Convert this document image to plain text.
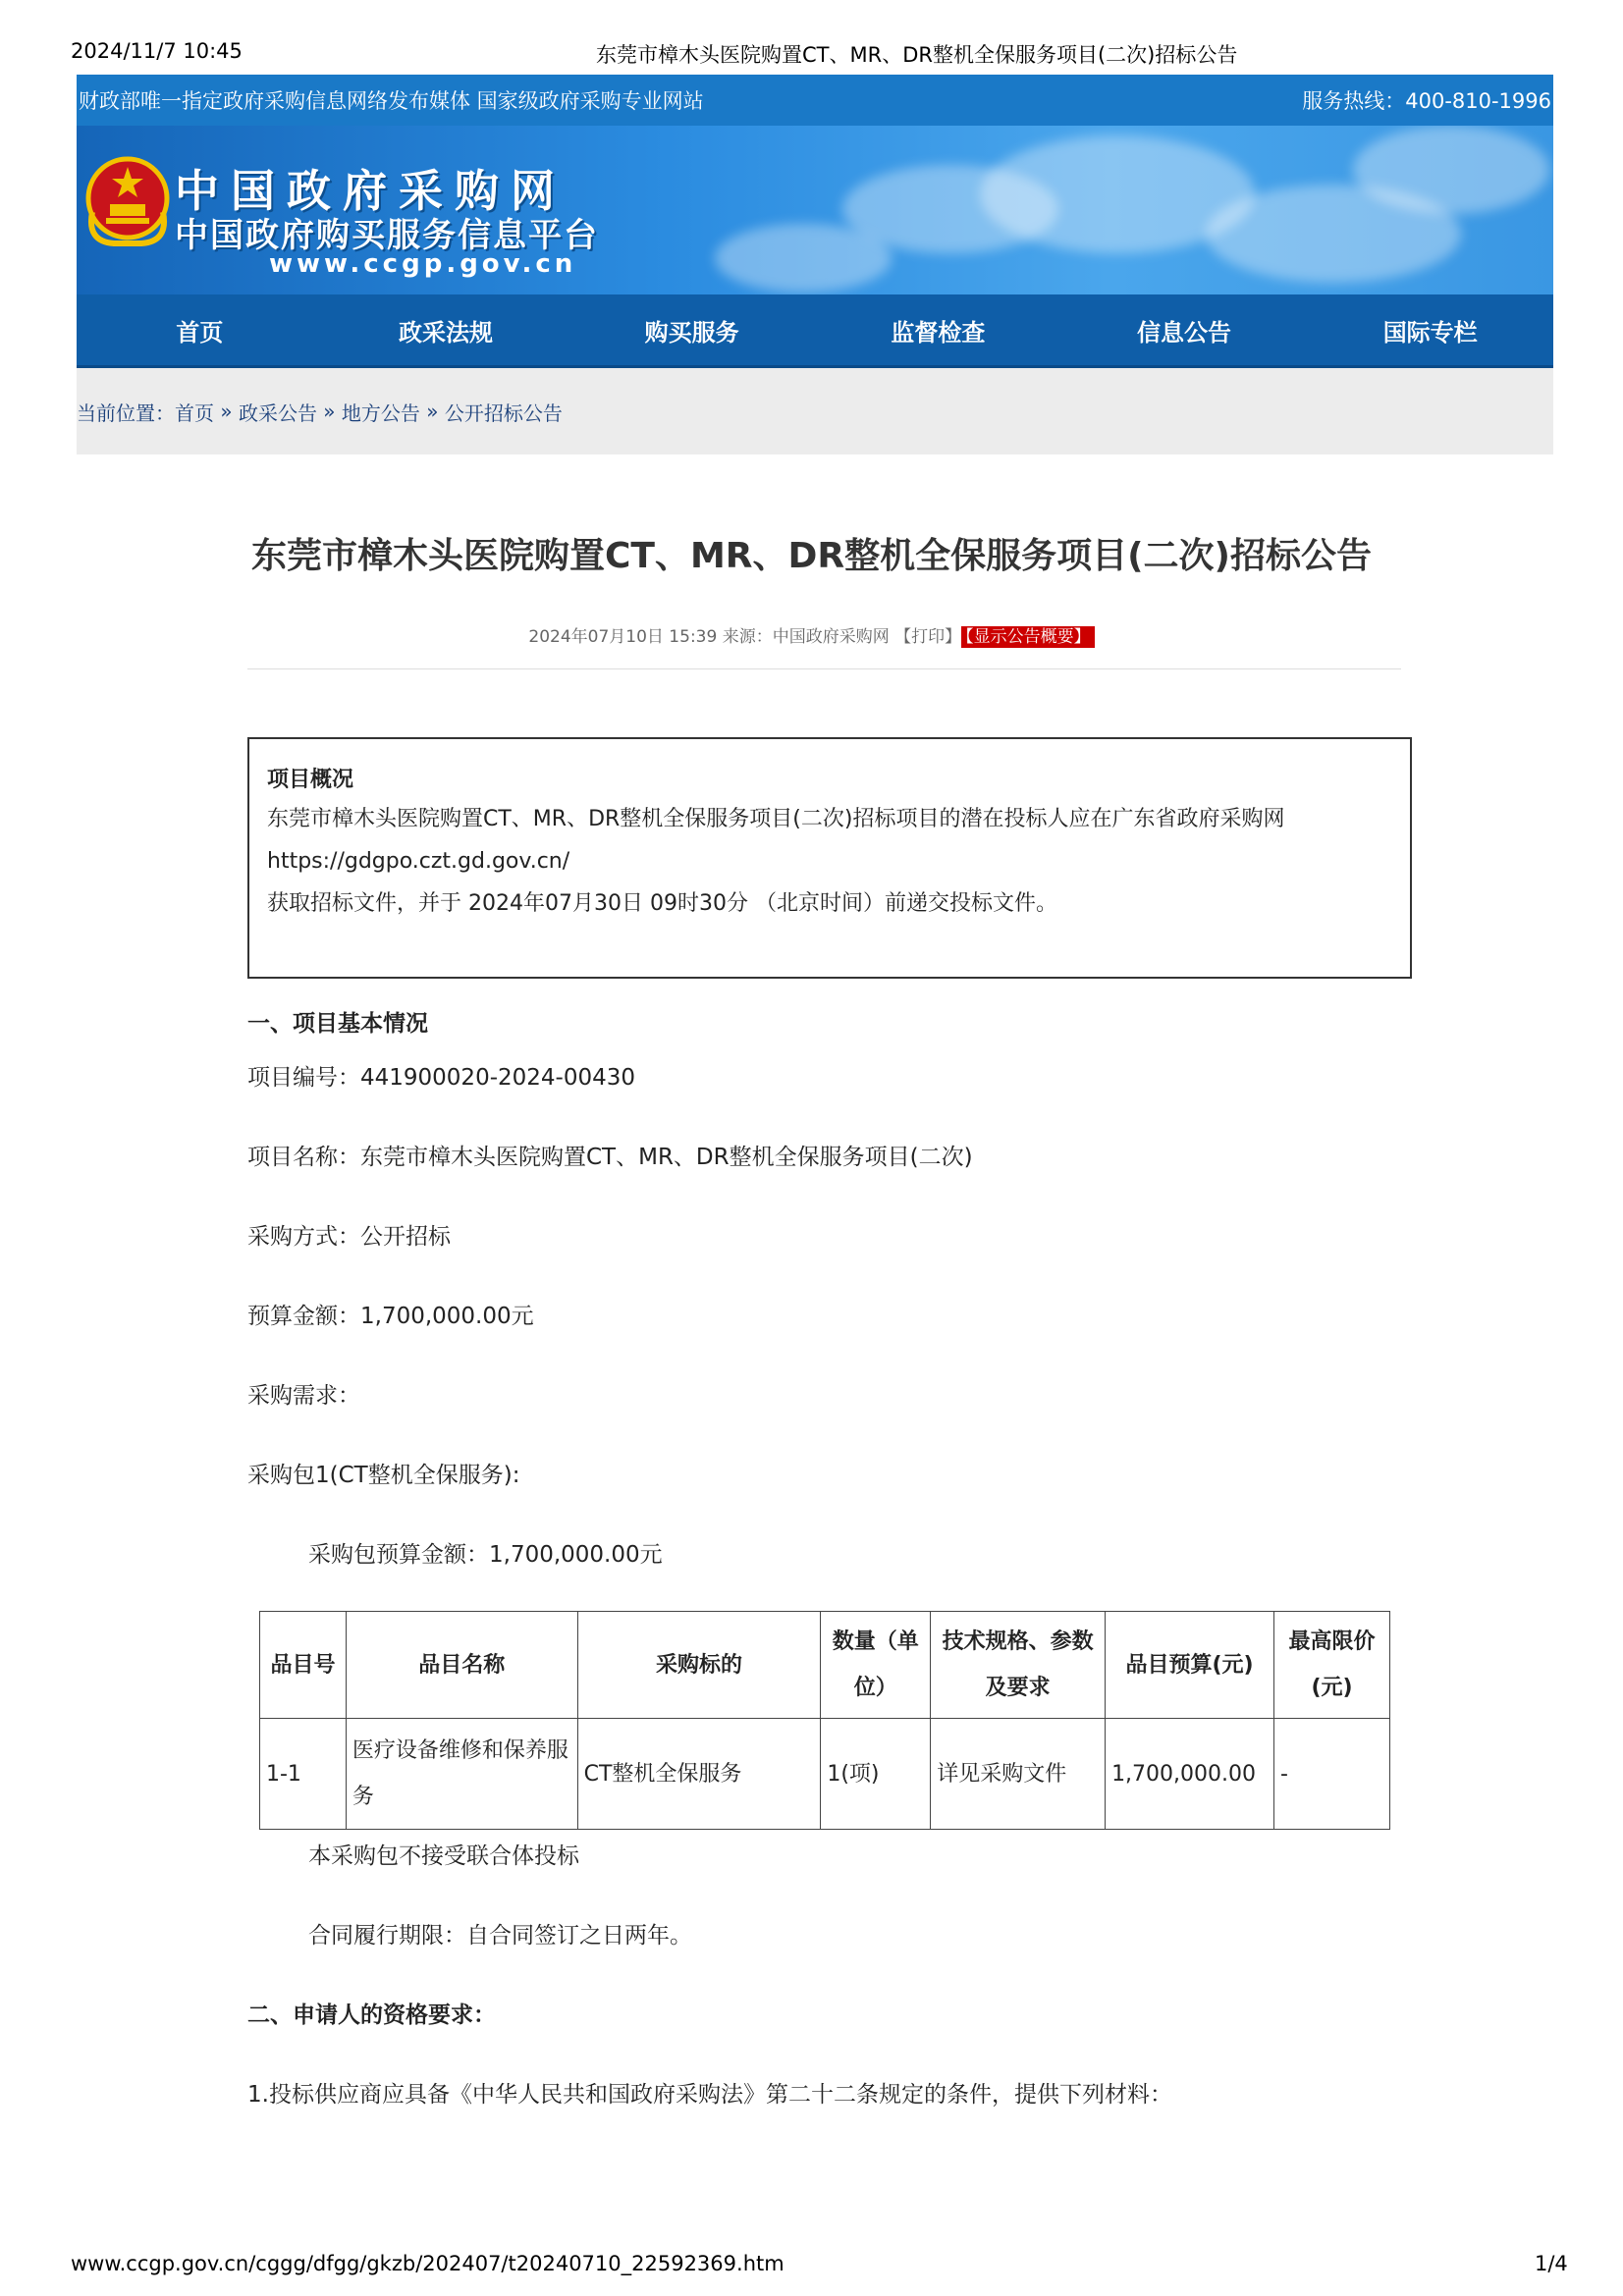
2024/11/7 10:45	东莞市樟木头医院购置CT、MR、DR整机全保服务项目(二次)招标公告
财政部唯一指定政府采购信息网络发布媒体 国家级政府采购专业网站	服务热线：400-810-1996
中国政府采购网
中国政府购买服务信息平台
www.ccgp.gov.cn
首页	政采法规	购买服务	监督检查	信息公告	国际专栏
当前位置： 首页 » 政采公告 » 地方公告 » 公开招标公告
东莞市樟木头医院购置CT、MR、DR整机全保服务项目(二次)招标公告
2024年07月10日 15:39 来源：中国政府采购网 【打印】 【显示公告概要】
项目概况
东莞市樟木头医院购置CT、MR、DR整机全保服务项目(二次)招标项目的潜在投标人应在广东省政府采购网
https://gdgpo.czt.gd.gov.cn/
获取招标文件，并于 2024年07月30日 09时30分 （北京时间）前递交投标文件。
一、项目基本情况
项目编号：441900020-2024-00430
项目名称：东莞市樟木头医院购置CT、MR、DR整机全保服务项目(二次)
采购方式：公开招标
预算金额：1,700,000.00元
采购需求：
采购包1(CT整机全保服务):
采购包预算金额：1,700,000.00元
本采购包不接受联合体投标
合同履行期限：自合同签订之日两年。
二、申请人的资格要求：
1.投标供应商应具备《中华人民共和国政府采购法》第二十二条规定的条件，提供下列材料：
品目号	品目名称	采购标的	数量（单位）	技术规格、参数及要求	品目预算(元)	最高限价(元)
1-1	医疗设备维修和保养服务	CT整机全保服务	1(项)	详见采购文件	1,700,000.00	-
www.ccgp.gov.cn/cggg/dfgg/gkzb/202407/t20240710_22592369.htm	1/4
